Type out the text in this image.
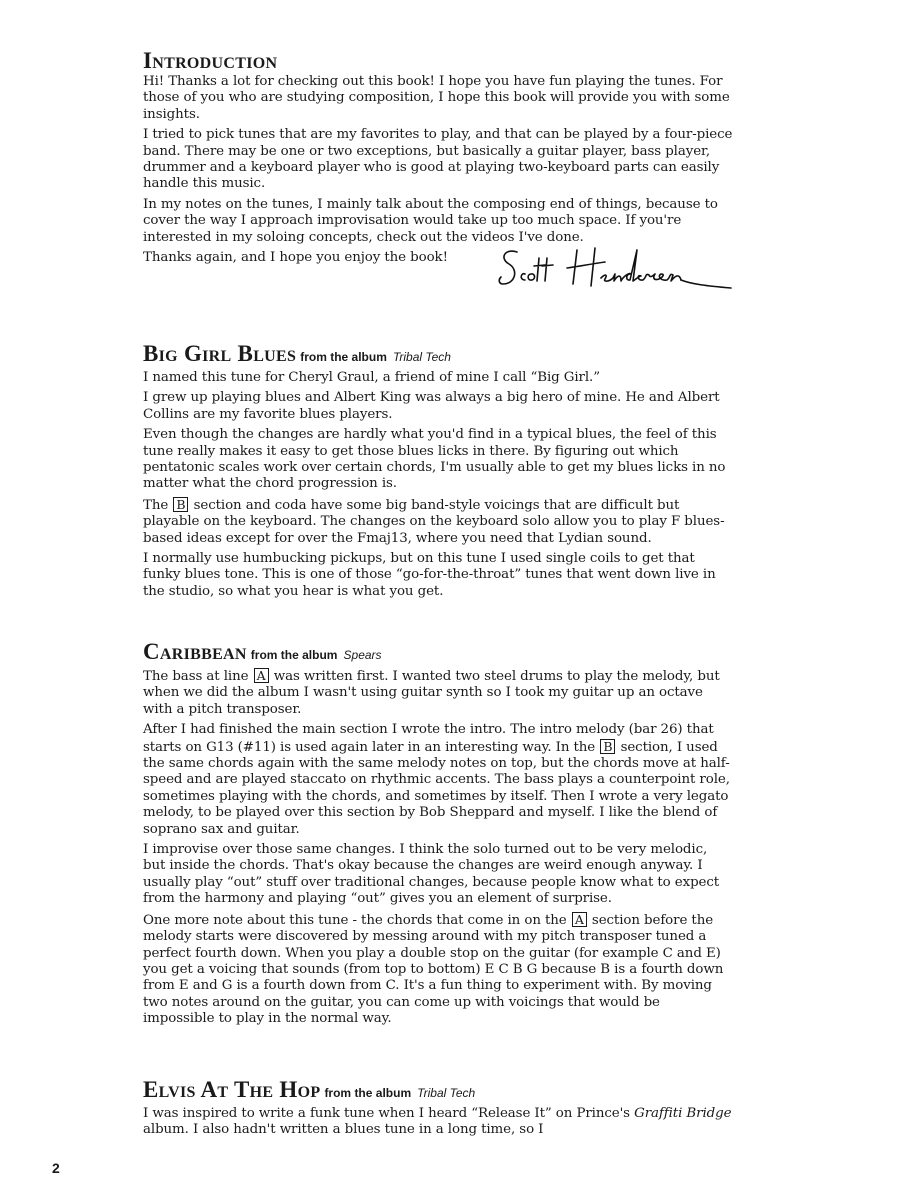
Introduction

Hi! Thanks a lot for checking out this book! I hope you have fun playing the tunes. For those of you who are studying composition, I hope this book will provide you with some insights.

I tried to pick tunes that are my favorites to play, and that can be played by a four-piece band. There may be one or two exceptions, but basically a guitar player, bass player, drummer and a keyboard player who is good at playing two-keyboard parts can easily handle this music.

In my notes on the tunes, I mainly talk about the composing end of things, because to cover the way I approach improvisation would take up too much space. If you're interested in my soloing concepts, check out the videos I've done.

Thanks again, and I hope you enjoy the book!

Big Girl Blues from the album Tribal Tech

I named this tune for Cheryl Graul, a friend of mine I call “Big Girl.”

I grew up playing blues and Albert King was always a big hero of mine. He and Albert Collins are my favorite blues players.

Even though the changes are hardly what you'd find in a typical blues, the feel of this tune really makes it easy to get those blues licks in there. By figuring out which pentatonic scales work over certain chords, I'm usually able to get my blues licks in no matter what the chord progression is.

The B section and coda have some big band-style voicings that are difficult but playable on the keyboard. The changes on the keyboard solo allow you to play F blues-based ideas except for over the Fmaj13, where you need that Lydian sound.

I normally use humbucking pickups, but on this tune I used single coils to get that funky blues tone. This is one of those “go-for-the-throat” tunes that went down live in the studio, so what you hear is what you get.

Caribbean from the album Spears

The bass at line A was written first. I wanted two steel drums to play the melody, but when we did the album I wasn't using guitar synth so I took my guitar up an octave with a pitch transposer.

After I had finished the main section I wrote the intro. The intro melody (bar 26) that starts on G13 (#11) is used again later in an interesting way. In the B section, I used the same chords again with the same melody notes on top, but the chords move at half-speed and are played staccato on rhythmic accents. The bass plays a counterpoint role, sometimes playing with the chords, and sometimes by itself. Then I wrote a very legato melody, to be played over this section by Bob Sheppard and myself. I like the blend of soprano sax and guitar.

I improvise over those same changes. I think the solo turned out to be very melodic, but inside the chords. That's okay because the changes are weird enough anyway. I usually play “out” stuff over traditional changes, because people know what to expect from the harmony and playing “out” gives you an element of surprise.

One more note about this tune - the chords that come in on the A section before the melody starts were discovered by messing around with my pitch transposer tuned a perfect fourth down. When you play a double stop on the guitar (for example C and E) you get a voicing that sounds (from top to bottom) E C B G because B is a fourth down from E and G is a fourth down from C. It's a fun thing to experiment with. By moving two notes around on the guitar, you can come up with voicings that would be impossible to play in the normal way.

Elvis At The Hop from the album Tribal Tech

I was inspired to write a funk tune when I heard “Release It” on Prince's Graffiti Bridge album. I also hadn't written a blues tune in a long time, so I

2
